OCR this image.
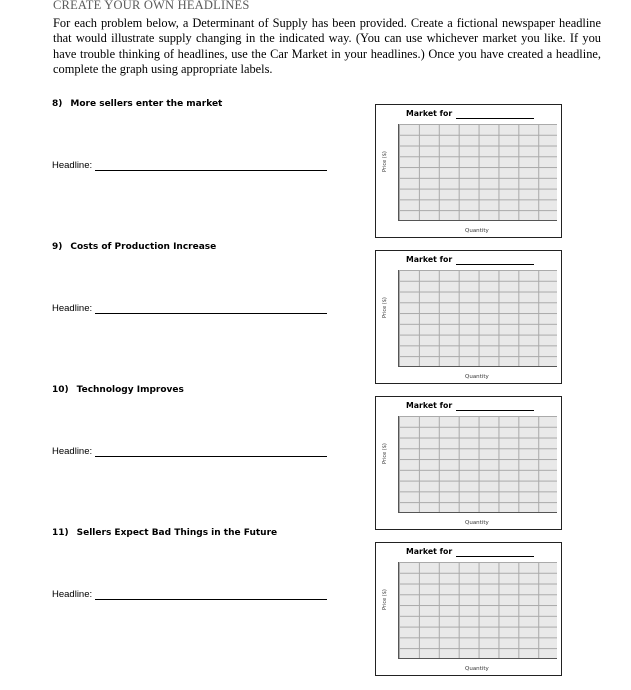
CREATE YOUR OWN HEADLINES

For each problem below, a Determinant of Supply has been provided. Create a fictional newspaper headline that would illustrate supply changing in the indicated way. (You can use whichever market you like. If you have trouble thinking of headlines, use the Car Market in your headlines.) Once you have created a headline, complete the graph using appropriate labels.

8) More sellers enter the market
Headline:
Market for
Price ($)
Quantity
9) Costs of Production Increase
Headline:
Market for
Price ($)
Quantity
10) Technology Improves
Headline:
Market for
Price ($)
Quantity
11) Sellers Expect Bad Things in the Future
Headline:
Market for
Price ($)
Quantity
